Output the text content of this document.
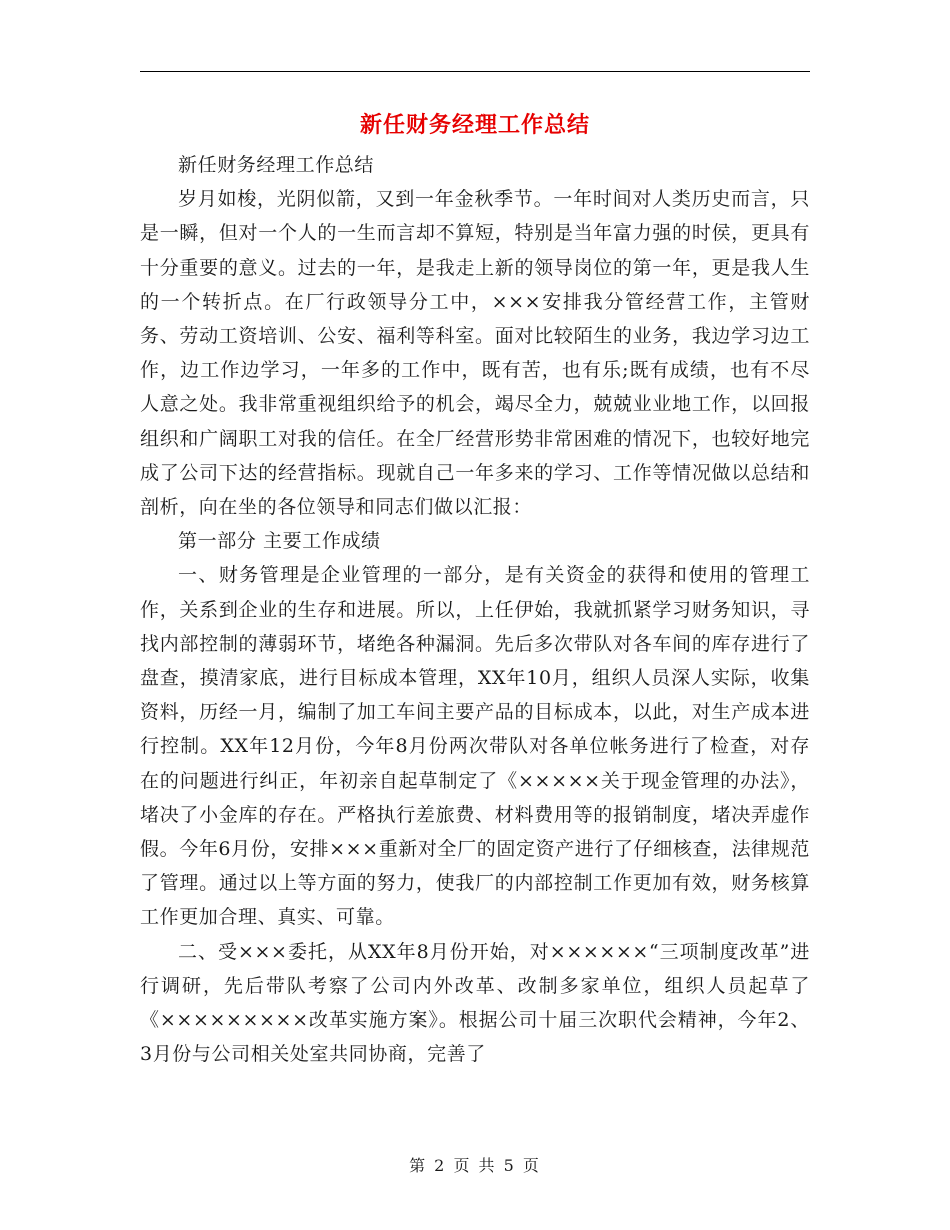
新任财务经理工作总结

新任财务经理工作总结

岁月如梭，光阴似箭，又到一年金秋季节。一年时间对人类历史而言，只是一瞬，但对一个人的一生而言却不算短，特别是当年富力强的时侯，更具有十分重要的意义。过去的一年，是我走上新的领导岗位的第一年，更是我人生的一个转折点。在厂行政领导分工中，×××安排我分管经营工作，主管财务、劳动工资培训、公安、福利等科室。面对比较陌生的业务，我边学习边工作，边工作边学习，一年多的工作中，既有苦，也有乐;既有成绩，也有不尽人意之处。我非常重视组织给予的机会，竭尽全力，兢兢业业地工作，以回报组织和广阔职工对我的信任。在全厂经营形势非常困难的情况下，也较好地完成了公司下达的经营指标。现就自己一年多来的学习、工作等情况做以总结和剖析，向在坐的各位领导和同志们做以汇报：

第一部分 主要工作成绩

一、财务管理是企业管理的一部分，是有关资金的获得和使用的管理工作，关系到企业的生存和进展。所以，上任伊始，我就抓紧学习财务知识，寻找内部控制的薄弱环节，堵绝各种漏洞。先后多次带队对各车间的库存进行了盘查，摸清家底，进行目标成本管理，XX年10月，组织人员深人实际，收集资料，历经一月，编制了加工车间主要产品的目标成本，以此，对生产成本进行控制。XX年12月份，今年8月份两次带队对各单位帐务进行了检查，对存在的问题进行纠正，年初亲自起草制定了《×××××关于现金管理的办法》，堵决了小金库的存在。严格执行差旅费、材料费用等的报销制度，堵决弄虚作假。今年6月份，安排×××重新对全厂的固定资产进行了仔细核查，法律规范了管理。通过以上等方面的努力，使我厂的内部控制工作更加有效，财务核算工作更加合理、真实、可靠。

二、受×××委托，从XX年8月份开始，对××××××“三项制度改革”进行调研，先后带队考察了公司内外改革、改制多家单位，组织人员起草了《×××××××××改革实施方案》。根据公司十届三次职代会精神，今年2、3月份与公司相关处室共同协商，完善了

第 2 页 共 5 页
